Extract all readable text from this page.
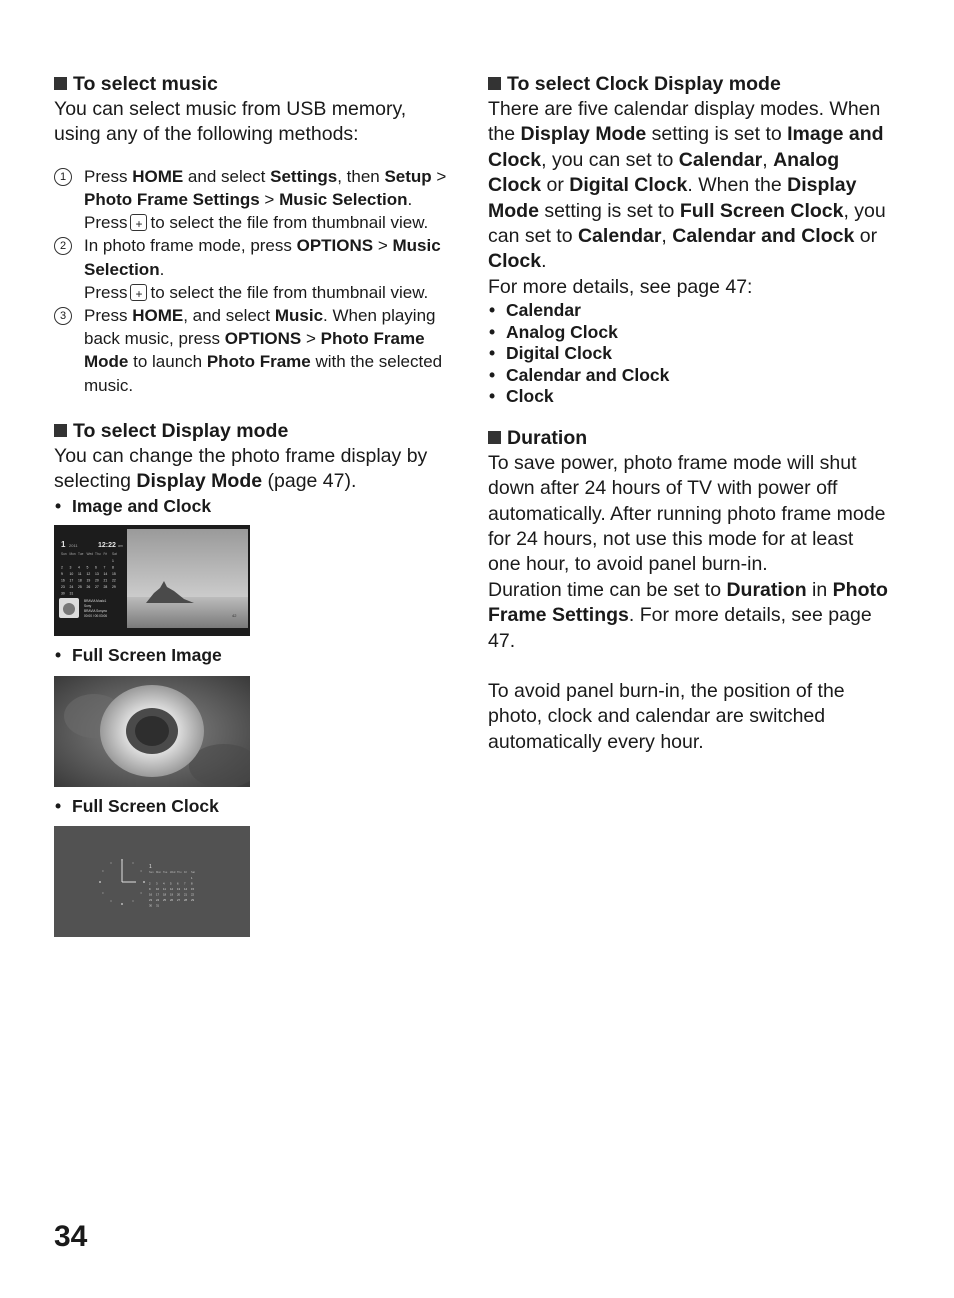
To select music
You can select music from USB memory, using any of the following methods:
1	Press HOME and select Settings, then Setup > Photo Frame Settings > Music Selection.
Press + to select the file from thumbnail view.
2	In photo frame mode, press OPTIONS > Music Selection.
Press + to select the file from thumbnail view.
3	Press HOME, and select Music. When playing back music, press OPTIONS > Photo Frame Mode to launch Photo Frame with the selected music.
To select Display mode
You can change the photo frame display by selecting Display Mode (page 47).
• Image and Clock
1 2011	12:22 am
Sun Mon Tue Wed Thu Fri Sat
1
2 3 4 5 6 7 8
9 10 11 12 13 14 15
16 17 18 19 20 21 22
23 24 25 26 27 28 29
30 31
BRAVIA Music1
Sony
BRAVIA Sonyza
00:00 / 00:03:06	42
• Full Screen Image
• Full Screen Clock
1
Sun Mon Tue Wed Thu Fri Sat
1
2 3 4 5 6 7 8
9 10 11 12 13 14 15
16 17 18 19 20 21 22
23 24 25 26 27 28 29
30 31
To select Clock Display mode
There are five calendar display modes. When the Display Mode setting is set to Image and Clock, you can set to Calendar, Analog Clock or Digital Clock. When the Display Mode setting is set to Full Screen Clock, you can set to Calendar, Calendar and Clock or Clock.
For more details, see page 47:
• Calendar
• Analog Clock
• Digital Clock
• Calendar and Clock
• Clock
Duration
To save power, photo frame mode will shut down after 24 hours of TV with power off automatically. After running photo frame mode for 24 hours, not use this mode for at least one hour, to avoid panel burn-in.
Duration time can be set to Duration in Photo Frame Settings. For more details, see page 47.
To avoid panel burn-in, the position of the photo, clock and calendar are switched automatically every hour.
34
